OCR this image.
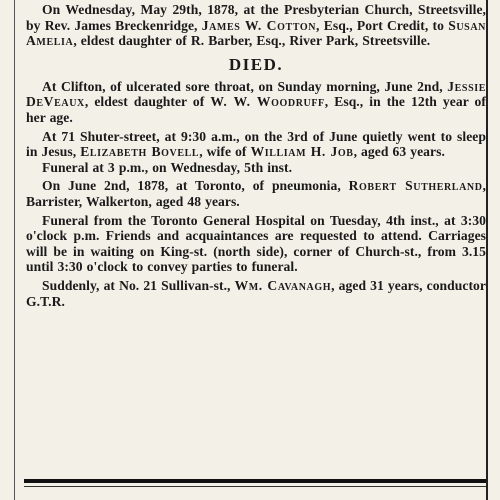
On Wednesday, May 29th, 1878, at the Presbyterian Church, Streetsville, by Rev. James Breckenridge, James W. Cotton, Esq., Port Credit, to Susan Amelia, eldest daughter of R. Barber, Esq., River Park, Streetsville.

DIED.

At Clifton, of ulcerated sore throat, on Sunday morning, June 2nd, Jessie DeVeaux, eldest daughter of W. W. Woodruff, Esq., in the 12th year of her age.

At 71 Shuter-street, at 9:30 a.m., on the 3rd of June quietly went to sleep in Jesus, Elizabeth Bovell, wife of William H. Job, aged 63 years.

Funeral at 3 p.m., on Wednesday, 5th inst.

On June 2nd, 1878, at Toronto, of pneumonia, Robert Sutherland, Barrister, Walkerton, aged 48 years.

Funeral from the Toronto General Hospital on Tuesday, 4th inst., at 3:30 o'clock p.m. Friends and acquaintances are requested to attend. Carriages will be in waiting on King-st. (north side), corner of Church-st., from 3.15 until 3:30 o'clock to convey parties to funeral.

Suddenly, at No. 21 Sullivan-st., Wm. Cavanagh, aged 31 years, conductor G.T.R.
